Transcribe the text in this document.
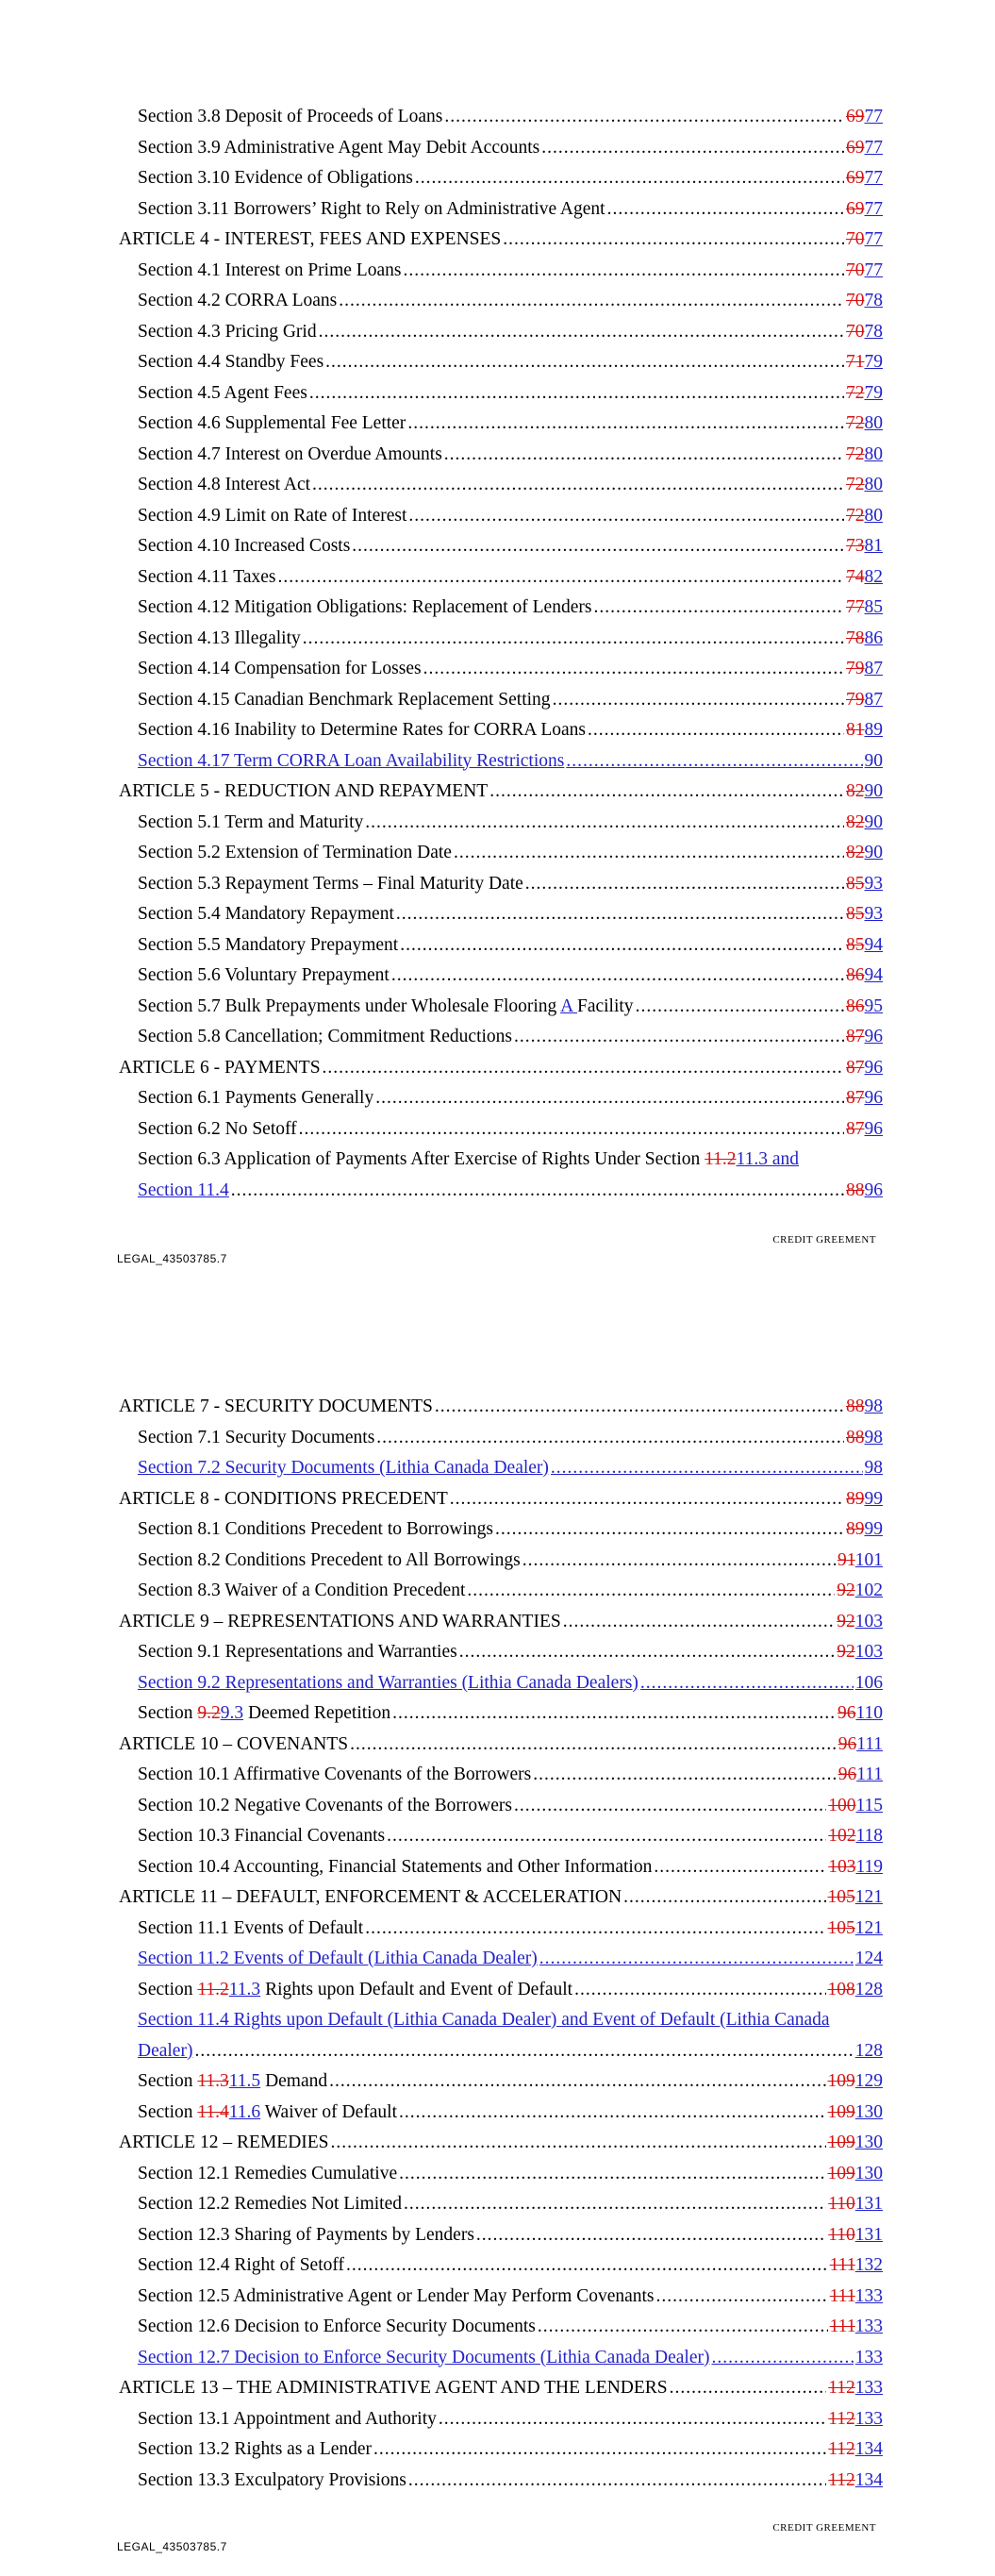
Section 3.8 Deposit of Proceeds of Loans .....	6977
Section 3.9 Administrative Agent May Debit Accounts .....	6977
Section 3.10 Evidence of Obligations .....	6977
Section 3.11 Borrowers’ Right to Rely on Administrative Agent .....	6977
ARTICLE 4 - INTEREST, FEES AND EXPENSES .....	7077
Section 4.1 Interest on Prime Loans .....	7077
Section 4.2 CORRA Loans .....	7078
Section 4.3 Pricing Grid .....	7078
Section 4.4 Standby Fees .....	7179
Section 4.5 Agent Fees .....	7279
Section 4.6 Supplemental Fee Letter .....	7280
Section 4.7 Interest on Overdue Amounts .....	7280
Section 4.8 Interest Act .....	7280
Section 4.9 Limit on Rate of Interest .....	7280
Section 4.10 Increased Costs .....	7381
Section 4.11 Taxes .....	7482
Section 4.12 Mitigation Obligations: Replacement of Lenders .....	7785
Section 4.13 Illegality .....	7886
Section 4.14 Compensation for Losses .....	7987
Section 4.15 Canadian Benchmark Replacement Setting .....	7987
Section 4.16 Inability to Determine Rates for CORRA Loans .....	8189
Section 4.17 Term CORRA Loan Availability Restrictions .....	90
ARTICLE 5 - REDUCTION AND REPAYMENT .....	8290
Section 5.1 Term and Maturity .....	8290
Section 5.2 Extension of Termination Date .....	8290
Section 5.3 Repayment Terms – Final Maturity Date .....	8593
Section 5.4 Mandatory Repayment .....	8593
Section 5.5 Mandatory Prepayment .....	8594
Section 5.6 Voluntary Prepayment .....	8694
Section 5.7 Bulk Prepayments under Wholesale Flooring A Facility .....	8695
Section 5.8 Cancellation; Commitment Reductions .....	8796
ARTICLE 6 - PAYMENTS .....	8796
Section 6.1 Payments Generally .....	8796
Section 6.2 No Setoff .....	8796
Section 6.3 Application of Payments After Exercise of Rights Under Section 11.211.3 and
Section 11.4 .....	8896
CREDIT GREEMENT
LEGAL_43503785.7
ARTICLE 7 - SECURITY DOCUMENTS .....	8898
Section 7.1 Security Documents .....	8898
Section 7.2 Security Documents (Lithia Canada Dealer) .....	98
ARTICLE 8 - CONDITIONS PRECEDENT .....	8999
Section 8.1 Conditions Precedent to Borrowings .....	8999
Section 8.2 Conditions Precedent to All Borrowings .....	91101
Section 8.3 Waiver of a Condition Precedent .....	92102
ARTICLE 9 – REPRESENTATIONS AND WARRANTIES .....	92103
Section 9.1 Representations and Warranties .....	92103
Section 9.2 Representations and Warranties (Lithia Canada Dealers) .....	106
Section 9.29.3 Deemed Repetition .....	96110
ARTICLE 10 – COVENANTS .....	96111
Section 10.1 Affirmative Covenants of the Borrowers .....	96111
Section 10.2 Negative Covenants of the Borrowers .....	100115
Section 10.3 Financial Covenants .....	102118
Section 10.4 Accounting, Financial Statements and Other Information .....	103119
ARTICLE 11 – DEFAULT, ENFORCEMENT & ACCELERATION .....	105121
Section 11.1 Events of Default .....	105121
Section 11.2 Events of Default (Lithia Canada Dealer) .....	124
Section 11.211.3 Rights upon Default and Event of Default .....	108128
Section 11.4 Rights upon Default (Lithia Canada Dealer) and Event of Default (Lithia Canada
Dealer) .....	128
Section 11.311.5 Demand .....	109129
Section 11.411.6 Waiver of Default .....	109130
ARTICLE 12 – REMEDIES .....	109130
Section 12.1 Remedies Cumulative .....	109130
Section 12.2 Remedies Not Limited .....	110131
Section 12.3 Sharing of Payments by Lenders .....	110131
Section 12.4 Right of Setoff .....	111132
Section 12.5 Administrative Agent or Lender May Perform Covenants .....	111133
Section 12.6 Decision to Enforce Security Documents .....	111133
Section 12.7 Decision to Enforce Security Documents (Lithia Canada Dealer) .....	133
ARTICLE 13 – THE ADMINISTRATIVE AGENT AND THE LENDERS .....	112133
Section 13.1 Appointment and Authority .....	112133
Section 13.2 Rights as a Lender .....	112134
Section 13.3 Exculpatory Provisions .....	112134
CREDIT GREEMENT
LEGAL_43503785.7
